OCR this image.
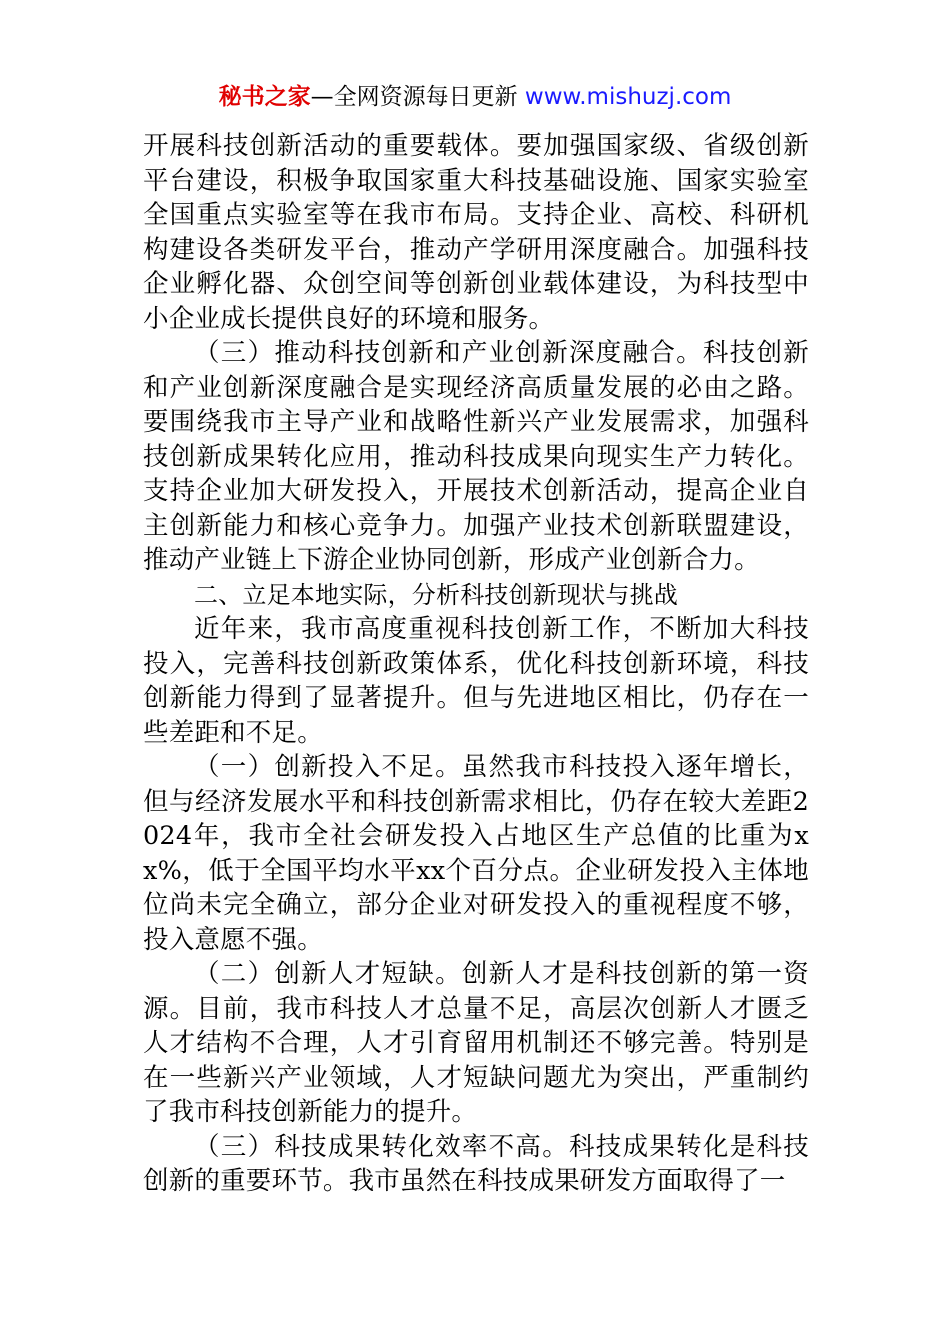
秘书之家—全网资源每日更新 www.mishuzj.com

开展科技创新活动的重要载体。要加强国家级、省级创新平台建设，积极争取国家重大科技基础设施、国家实验室全国重点实验室等在我市布局。支持企业、高校、科研机构建设各类研发平台，推动产学研用深度融合。加强科技企业孵化器、众创空间等创新创业载体建设，为科技型中小企业成长提供良好的环境和服务。

（三）推动科技创新和产业创新深度融合。科技创新和产业创新深度融合是实现经济高质量发展的必由之路。要围绕我市主导产业和战略性新兴产业发展需求，加强科技创新成果转化应用，推动科技成果向现实生产力转化。支持企业加大研发投入，开展技术创新活动，提高企业自主创新能力和核心竞争力。加强产业技术创新联盟建设，推动产业链上下游企业协同创新，形成产业创新合力。

二、立足本地实际，分析科技创新现状与挑战

近年来，我市高度重视科技创新工作，不断加大科技投入，完善科技创新政策体系，优化科技创新环境，科技创新能力得到了显著提升。但与先进地区相比，仍存在一些差距和不足。

（一）创新投入不足。虽然我市科技投入逐年增长，但与经济发展水平和科技创新需求相比，仍存在较大差距2024年，我市全社会研发投入占地区生产总值的比重为xx%，低于全国平均水平xx个百分点。企业研发投入主体地位尚未完全确立，部分企业对研发投入的重视程度不够，投入意愿不强。

（二）创新人才短缺。创新人才是科技创新的第一资源。目前，我市科技人才总量不足，高层次创新人才匮乏人才结构不合理，人才引育留用机制还不够完善。特别是在一些新兴产业领域，人才短缺问题尤为突出，严重制约了我市科技创新能力的提升。

（三）科技成果转化效率不高。科技成果转化是科技创新的重要环节。我市虽然在科技成果研发方面取得了一
